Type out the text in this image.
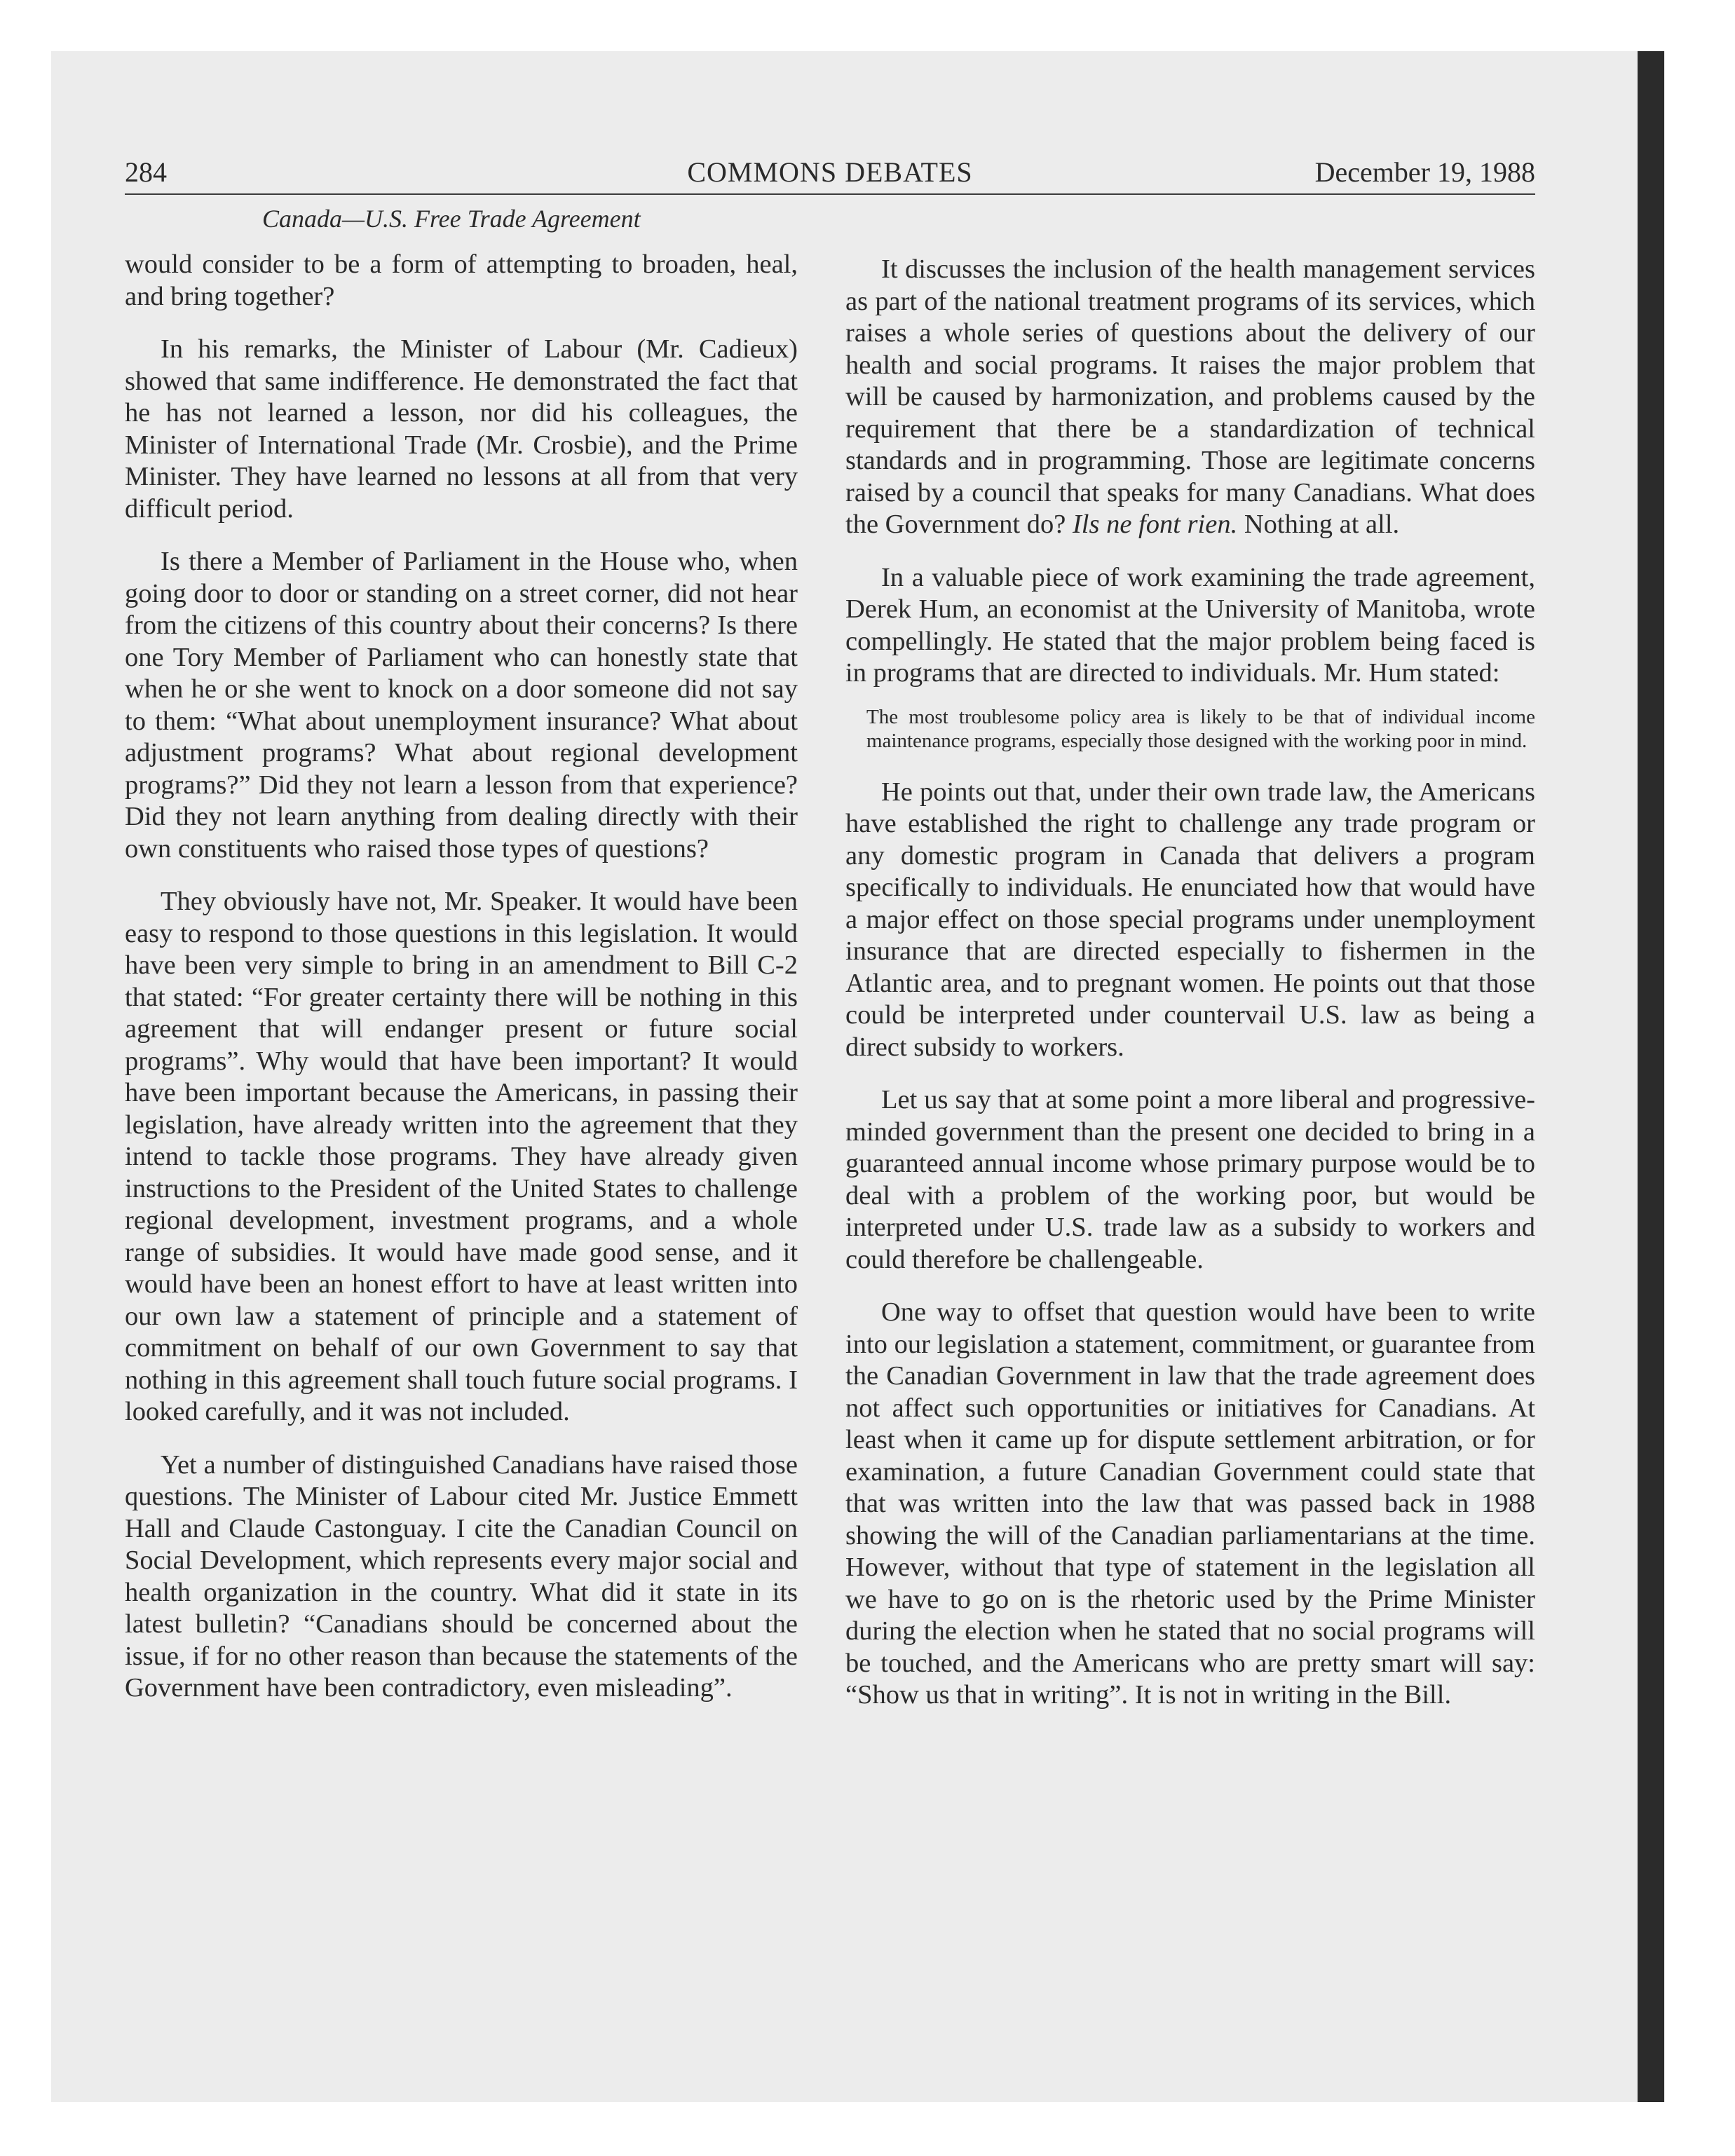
284	COMMONS DEBATES	December 19, 1988
Canada—U.S. Free Trade Agreement

would consider to be a form of attempting to broaden, heal, and bring together?

In his remarks, the Minister of Labour (Mr. Cadieux) showed that same indifference. He demonstrated the fact that he has not learned a lesson, nor did his colleagues, the Minister of International Trade (Mr. Crosbie), and the Prime Minister. They have learned no lessons at all from that very difficult period.

Is there a Member of Parliament in the House who, when going door to door or standing on a street corner, did not hear from the citizens of this country about their concerns? Is there one Tory Member of Parliament who can honestly state that when he or she went to knock on a door someone did not say to them: “What about unemployment insurance? What about adjustment programs? What about regional development programs?” Did they not learn a lesson from that experience? Did they not learn anything from dealing directly with their own constituents who raised those types of questions?

They obviously have not, Mr. Speaker. It would have been easy to respond to those questions in this legislation. It would have been very simple to bring in an amendment to Bill C-2 that stated: “For greater certainty there will be nothing in this agreement that will endanger present or future social programs”. Why would that have been important? It would have been important because the Americans, in passing their legislation, have already written into the agreement that they intend to tackle those programs. They have already given instructions to the President of the United States to challenge regional development, investment programs, and a whole range of subsidies. It would have made good sense, and it would have been an honest effort to have at least written into our own law a statement of principle and a statement of commitment on behalf of our own Government to say that nothing in this agreement shall touch future social programs. I looked carefully, and it was not included.

Yet a number of distinguished Canadians have raised those questions. The Minister of Labour cited Mr. Justice Emmett Hall and Claude Castonguay. I cite the Canadian Council on Social Development, which represents every major social and health organization in the country. What did it state in its latest bulletin? “Canadians should be concerned about the issue, if for no other reason than because the statements of the Government have been contradictory, even misleading”.

It discusses the inclusion of the health management services as part of the national treatment programs of its services, which raises a whole series of questions about the delivery of our health and social programs. It raises the major problem that will be caused by harmonization, and problems caused by the requirement that there be a standardization of technical standards and in programming. Those are legitimate concerns raised by a council that speaks for many Canadians. What does the Government do? Ils ne font rien. Nothing at all.

In a valuable piece of work examining the trade agreement, Derek Hum, an economist at the University of Manitoba, wrote compellingly. He stated that the major problem being faced is in programs that are directed to individuals. Mr. Hum stated:

The most troublesome policy area is likely to be that of individual income maintenance programs, especially those designed with the working poor in mind.

He points out that, under their own trade law, the Americans have established the right to challenge any trade program or any domestic program in Canada that delivers a program specifically to individuals. He enunciated how that would have a major effect on those special programs under unemployment insurance that are directed especially to fishermen in the Atlantic area, and to pregnant women. He points out that those could be interpreted under countervail U.S. law as being a direct subsidy to workers.

Let us say that at some point a more liberal and progressive-minded government than the present one decided to bring in a guaranteed annual income whose primary purpose would be to deal with a problem of the working poor, but would be interpreted under U.S. trade law as a subsidy to workers and could therefore be challengeable.

One way to offset that question would have been to write into our legislation a statement, commitment, or guarantee from the Canadian Government in law that the trade agreement does not affect such opportunities or initiatives for Canadians. At least when it came up for dispute settlement arbitration, or for examination, a future Canadian Government could state that that was written into the law that was passed back in 1988 showing the will of the Canadian parliamentarians at the time. However, without that type of statement in the legislation all we have to go on is the rhetoric used by the Prime Minister during the election when he stated that no social programs will be touched, and the Americans who are pretty smart will say: “Show us that in writing”. It is not in writing in the Bill.
